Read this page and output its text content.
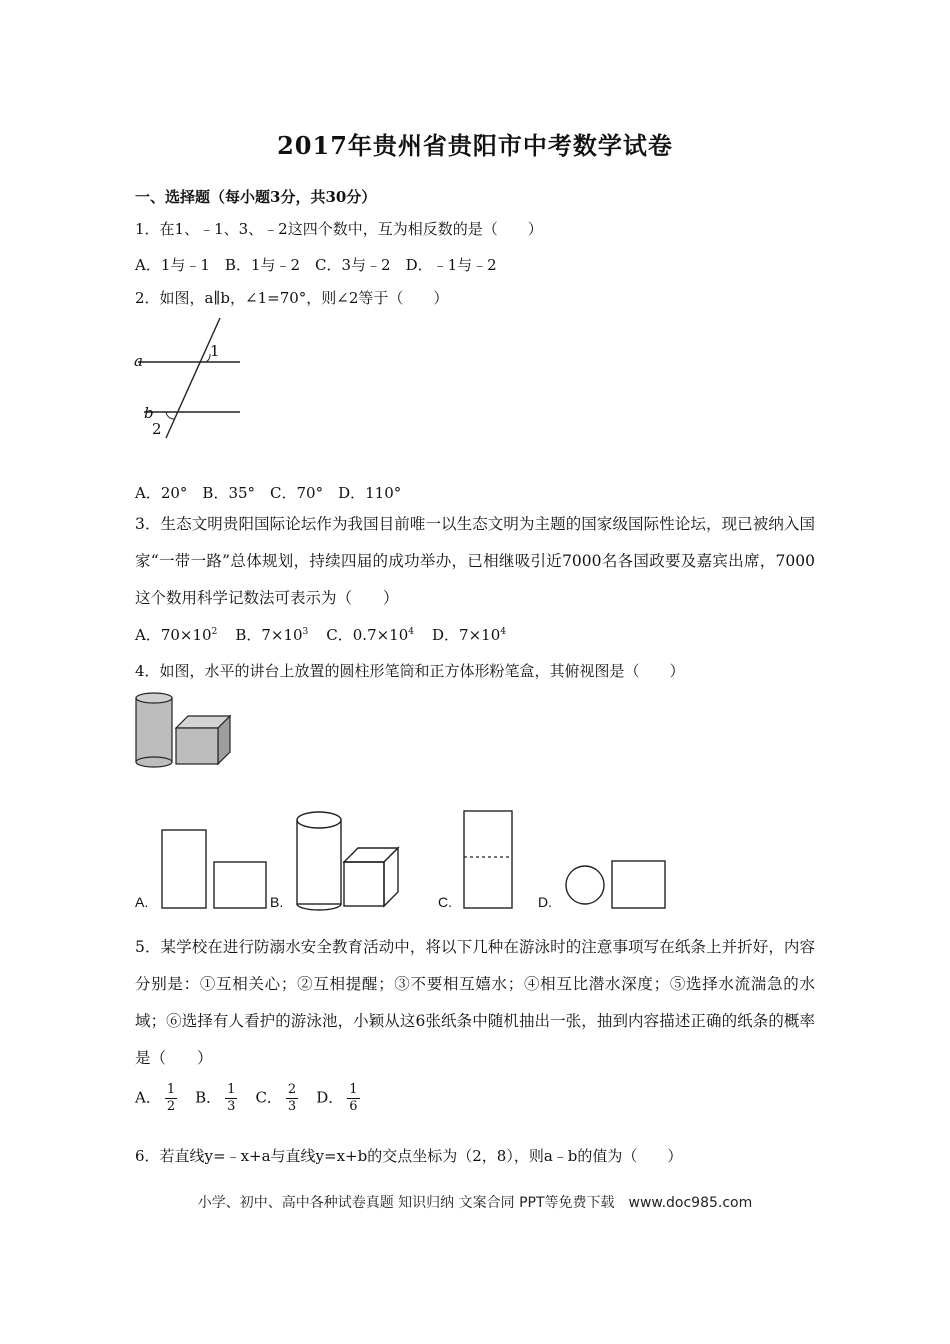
2017年贵州省贵阳市中考数学试卷
一、选择题（每小题3分，共30分）
1．在1、﹣1、3、﹣2这四个数中，互为相反数的是（　　）
A．1与﹣1　B．1与﹣2　C．3与﹣2　D．﹣1与﹣2
2．如图，a∥b，∠1=70°，则∠2等于（　　）
a
b
1
2
A．20°　B．35°　C．70°　D．110°
3．生态文明贵阳国际论坛作为我国目前唯一以生态文明为主题的国家级国际性论坛，现已被纳入国家“一带一路”总体规划，持续四届的成功举办，已相继吸引近7000名各国政要及嘉宾出席，7000这个数用科学记数法可表示为（　　）
A．$70\times 10^2$ B．$7\times 10^3$ C．$0.7\times 10^4$ D．$7\times 10^4$
4．如图，水平的讲台上放置的圆柱形笔筒和正方体形粉笔盒，其俯视图是（　　）
A.	B.	C.	D.
5．某学校在进行防溺水安全教育活动中，将以下几种在游泳时的注意事项写在纸条上并折好，内容分别是：①互相关心；②互相提醒；③不要相互嬉水；④相互比潜水深度；⑤选择水流湍急的水域；⑥选择有人看护的游泳池，小颖从这6张纸条中随机抽出一张，抽到内容描述正确的纸条的概率是（　　）
A． $\frac{1}{2}$ B． $\frac{1}{3}$ C． $\frac{2}{3}$ D． $\frac{1}{6}$
6．若直线y=﹣x+a与直线y=x+b的交点坐标为（2，8），则a﹣b的值为（　　）
小学、初中、高中各种试卷真题 知识归纳 文案合同 PPT等免费下载　www.doc985.com
